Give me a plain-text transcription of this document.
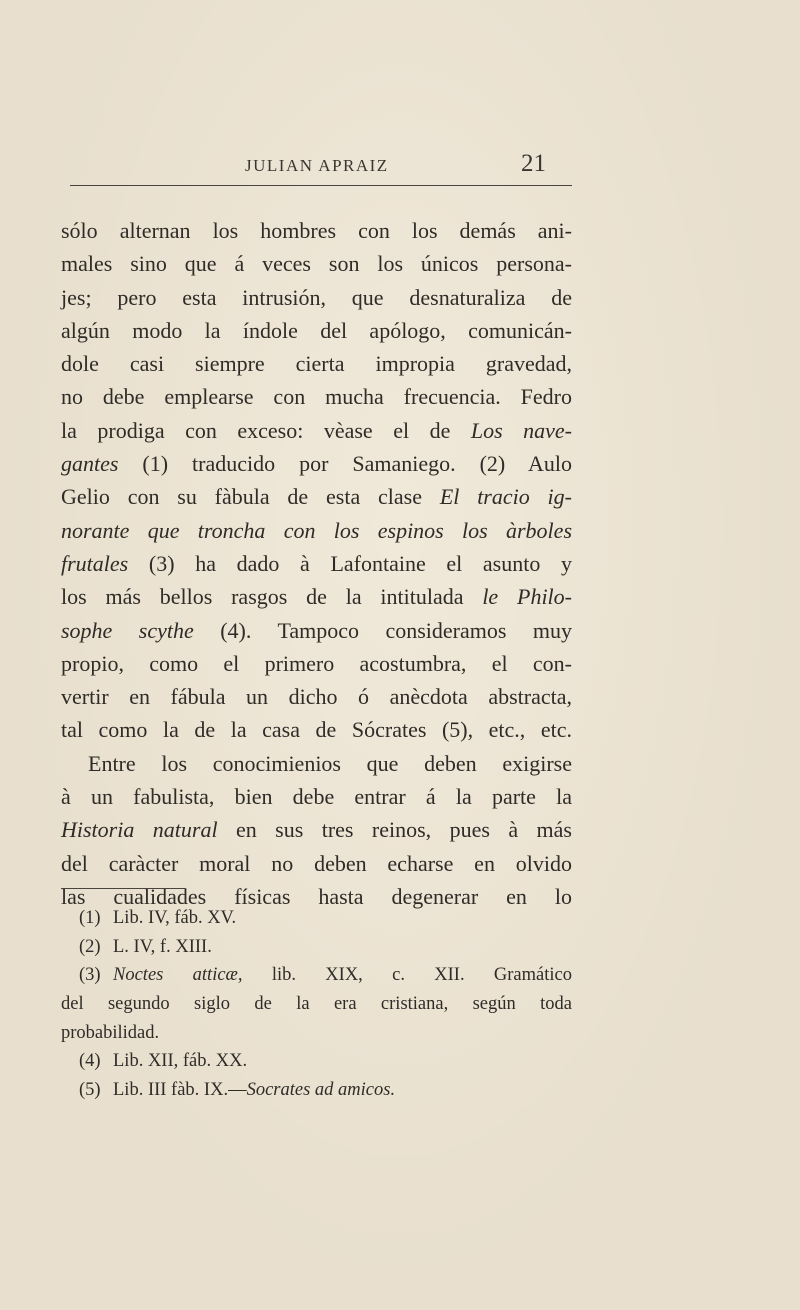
JULIAN APRAIZ	21
sólo alternan los hombres con los demás ani-
males sino que á veces son los únicos persona-
jes; pero esta intrusión, que desnaturaliza de
algún modo la índole del apólogo, comunicán-
dole casi siempre cierta impropia gravedad,
no debe emplearse con mucha frecuencia. Fedro
la prodiga con exceso: vèase el de Los nave-
gantes (1) traducido por Samaniego. (2) Aulo
Gelio con su fàbula de esta clase El tracio ig-
norante que troncha con los espinos los àrboles
frutales (3) ha dado à Lafontaine el asunto y
los más bellos rasgos de la intitulada le Philo-
sophe scythe (4). Tampoco consideramos muy
propio, como el primero acostumbra, el con-
vertir en fábula un dicho ó anècdota abstracta,
tal como la de la casa de Sócrates (5), etc., etc.
Entre los conocimienios que deben exigirse
à un fabulista, bien debe entrar á la parte la
Historia natural en sus tres reinos, pues à más
del caràcter moral no deben echarse en olvido
las cualidades físicas hasta degenerar en lo
(1) Lib. IV, fáb. XV.
(2) L. IV, f. XIII.
(3) Noctes atticæ, lib. XIX, c. XII. Gramático
del segundo siglo de la era cristiana, según toda
probabilidad.
(4) Lib. XII, fáb. XX.
(5) Lib. III fàb. IX.—Socrates ad amicos.
